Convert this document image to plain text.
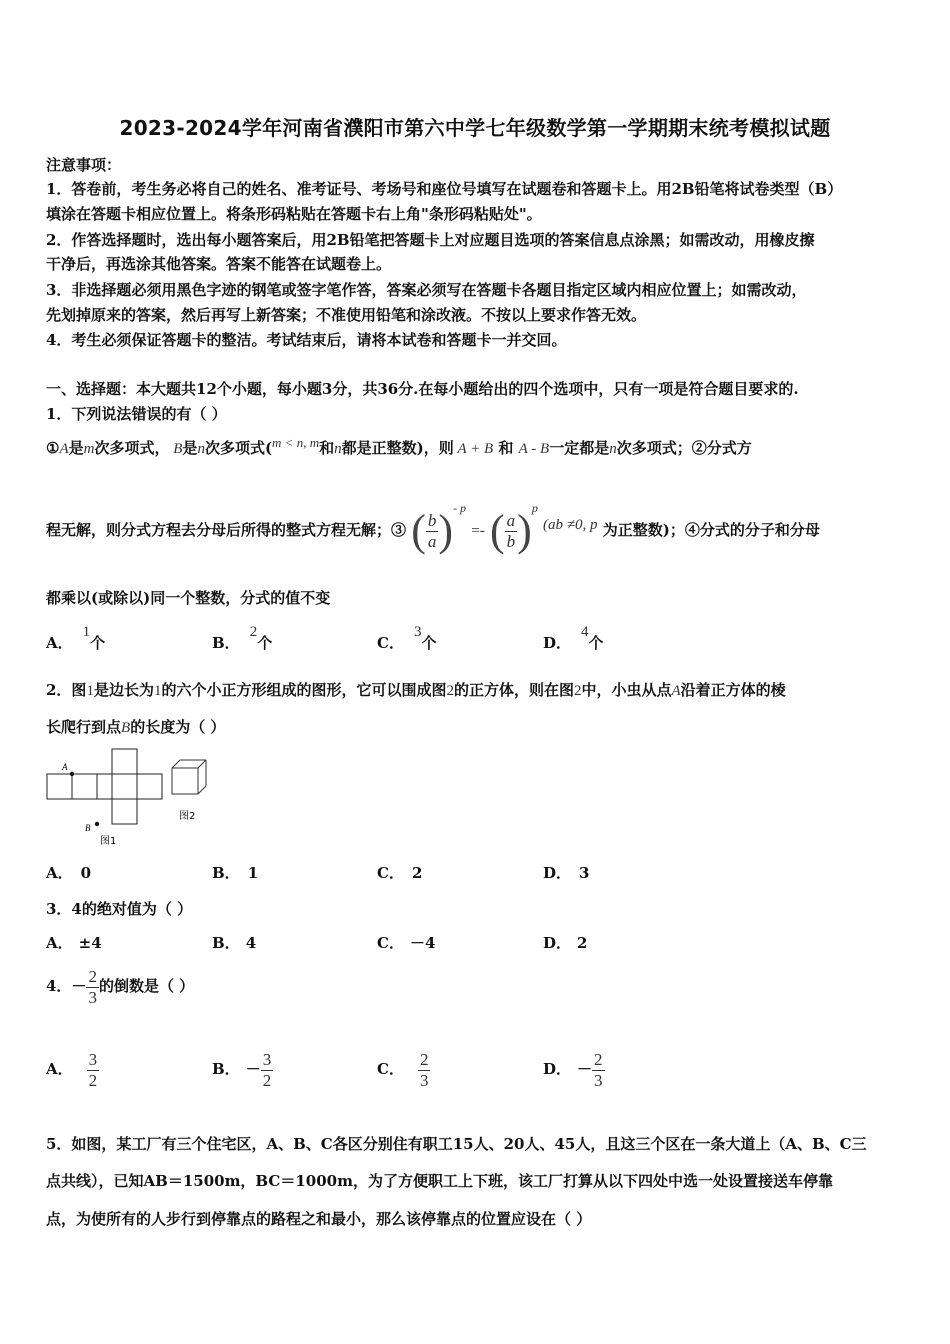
2023-2024学年河南省濮阳市第六中学七年级数学第一学期期末统考模拟试题
注意事项：
1．答卷前，考生务必将自己的姓名、准考证号、考场号和座位号填写在试题卷和答题卡上。用2B铅笔将试卷类型（B）
填涂在答题卡相应位置上。将条形码粘贴在答题卡右上角"条形码粘贴处"。
2．作答选择题时，选出每小题答案后，用2B铅笔把答题卡上对应题目选项的答案信息点涂黑；如需改动，用橡皮擦
干净后，再选涂其他答案。答案不能答在试题卷上。
3．非选择题必须用黑色字迹的钢笔或签字笔作答，答案必须写在答题卡各题目指定区域内相应位置上；如需改动，
先划掉原来的答案，然后再写上新答案；不准使用铅笔和涂改液。不按以上要求作答无效。
4．考生必须保证答题卡的整洁。考试结束后，请将本试卷和答题卡一并交回。
一、选择题：本大题共12个小题，每小题3分，共36分.在每小题给出的四个选项中，只有一项是符合题目要求的.
1．下列说法错误的有（ ）
①A是m次多项式， B是n次多项式(m < n, m和n都是正整数)，则 A + B 和 A - B一定都是n次多项式；②分式方
程无解，则分式方程去分母后所得的整式方程无解；③ ( $\frac{b}{a} )^{- p}$ =- ( $\frac{a}{b} )^p$ (ab ≠0, p 为正整数)；④分式的分子和分母
都乘以(或除以)同一个整数，分式的值不变
A．1个	B．2个	C．3个	D．4个
2．图1是边长为1的六个小正方形组成的图形，它可以围成图2的正方体，则在图2中，小虫从点A沿着正方体的棱
长爬行到点B的长度为（ ）
A
B
图1
图2
A． 0	B． 1	C． 2	D． 3
3．4的绝对值为（ ）
A． ±4	B． 4	C． －4	D． 2
4．－ $\frac{2}{3}$ 的倒数是（ ）
A． $\frac{3}{2}$	B． － $\frac{3}{2}$	C． $\frac{2}{3}$	D． － $\frac{2}{3}$
5．如图，某工厂有三个住宅区，A、B、C各区分别住有职工15人、20人、45人，且这三个区在一条大道上（A、B、C三
点共线），已知AB＝1500m，BC＝1000m，为了方便职工上下班，该工厂打算从以下四处中选一处设置接送车停靠
点，为使所有的人步行到停靠点的路程之和最小，那么该停靠点的位置应设在（ ）
